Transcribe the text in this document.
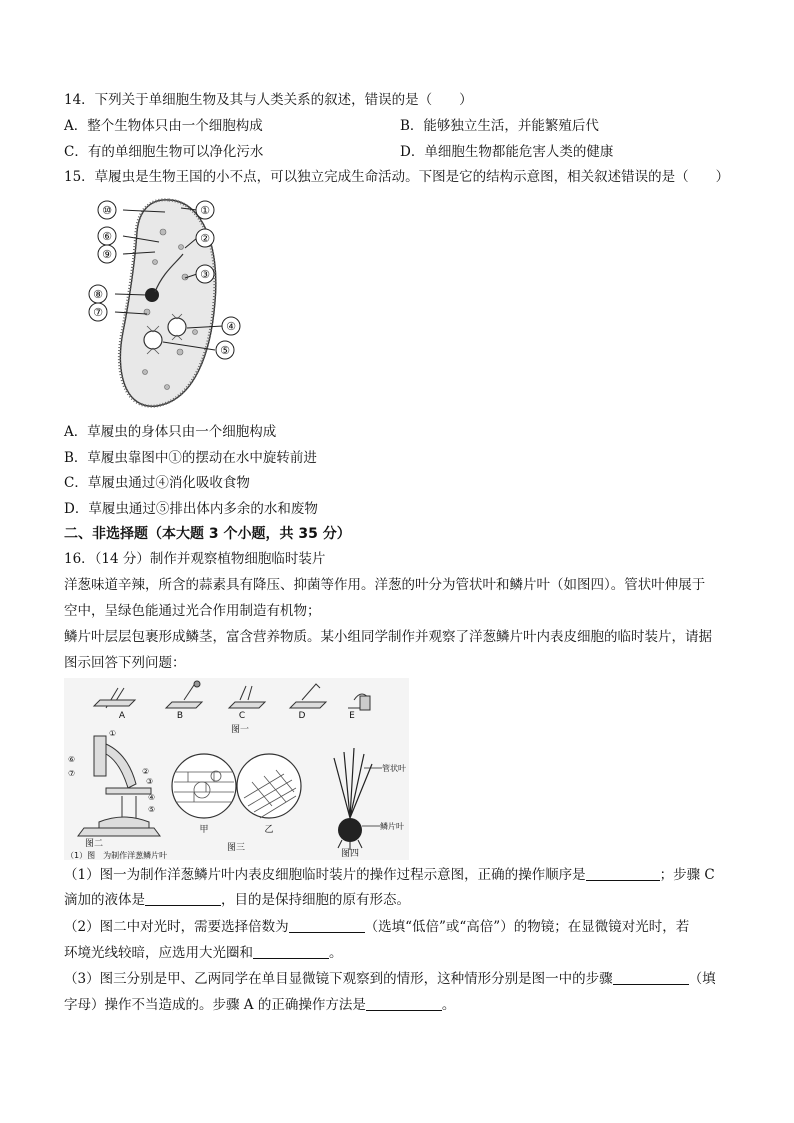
14．下列关于单细胞生物及其与人类关系的叙述，错误的是（　　）
A．整个生物体只由一个细胞构成	B．能够独立生活，并能繁殖后代
C．有的单细胞生物可以净化污水	D．单细胞生物都能危害人类的健康
15．草履虫是生物王国的小不点，可以独立完成生命活动。下图是它的结构示意图，相关叙述错误的是（　　）
⑩	①
⑥	②
⑨
③
⑧
⑦
④
⑤
A．草履虫的身体只由一个细胞构成
B．草履虫靠图中①的摆动在水中旋转前进
C．草履虫通过④消化吸收食物
D．草履虫通过⑤排出体内多余的水和废物
二、非选择题（本大题 3 个小题，共 35 分）
16．（14 分）制作并观察植物细胞临时装片
洋葱味道辛辣，所含的蒜素具有降压、抑菌等作用。洋葱的叶分为管状叶和鳞片叶（如图四）。管状叶伸展于
空中，呈绿色能通过光合作用制造有机物；
鳞片叶层层包裹形成鳞茎，富含营养物质。某小组同学制作并观察了洋葱鳞片叶内表皮细胞的临时装片，请据
图示回答下列问题：
A	B	C	D	E
图一
①
②
③
④
⑤
⑥
⑦
甲	乙
图三
图二
图四
管状叶
鳞片叶
（1）图　为制作洋葱鳞片叶
（1）图一为制作洋葱鳞片叶内表皮细胞临时装片的操作过程示意图，正确的操作顺序是	；步骤 C
滴加的液体是	，目的是保持细胞的原有形态。
（2）图二中对光时，需要选择倍数为	（选填“低倍”或“高倍”）的物镜；在显微镜对光时，若
环境光线较暗，应选用大光圈和	。
（3）图三分别是甲、乙两同学在单目显微镜下观察到的情形，这种情形分别是图一中的步骤	（填
字母）操作不当造成的。步骤 A 的正确操作方法是	。
